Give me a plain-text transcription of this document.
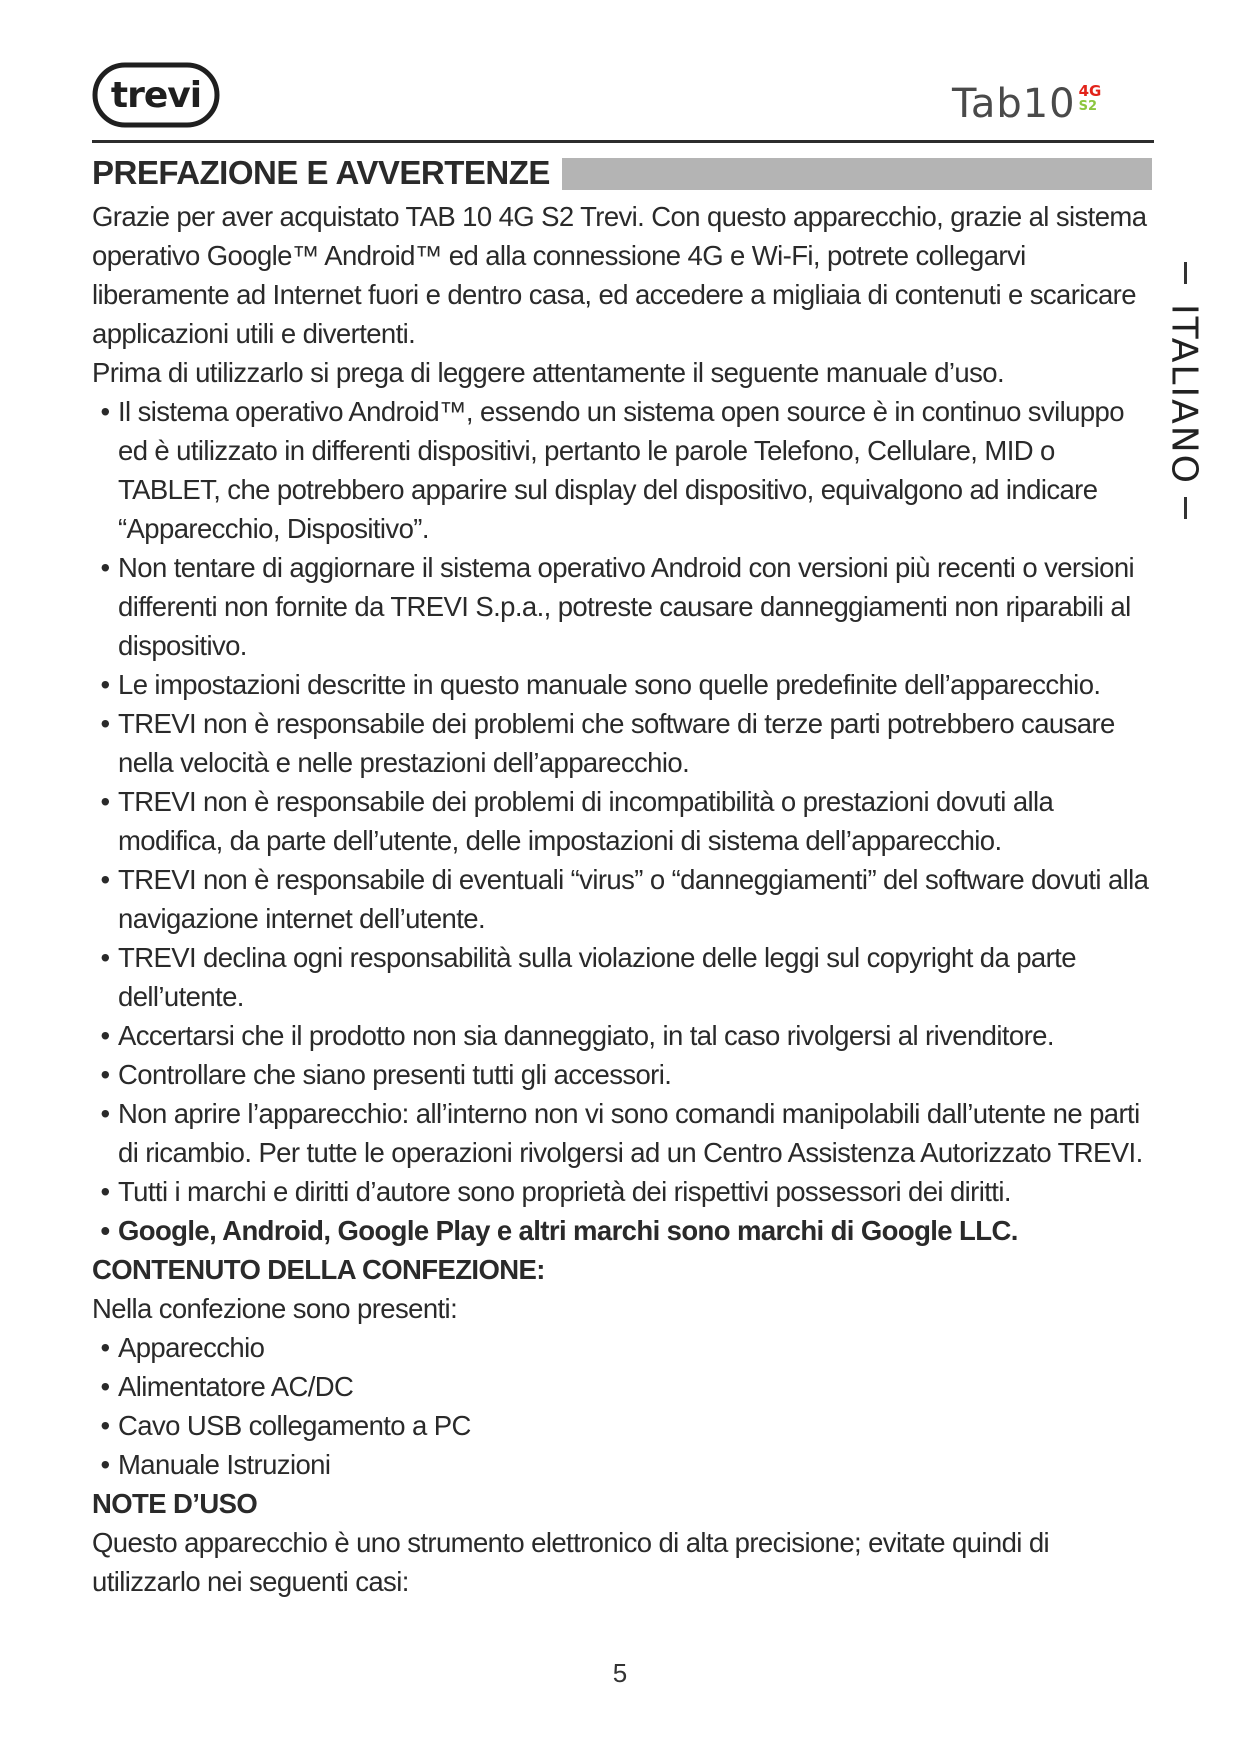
trevi	Tab10 4G
S2
PREFAZIONE E AVVERTENZE
ITALIANO

Grazie per aver acquistato TAB 10 4G S2 Trevi. Con questo apparecchio, grazie al sistema operativo Google™ Android™ ed alla connessione 4G e Wi-Fi, potrete collegarvi liberamente ad Internet fuori e dentro casa, ed accedere a migliaia di contenuti e scaricare applicazioni utili e divertenti.

Prima di utilizzarlo si prega di leggere attentamente il seguente manuale d’uso.

• Il sistema operativo Android™, essendo un sistema open source è in continuo sviluppo ed è utilizzato in differenti dispositivi, pertanto le parole Telefono, Cellulare, MID o TABLET, che potrebbero apparire sul display del dispositivo, equivalgono ad indicare “Apparecchio, Dispositivo”.
• Non tentare di aggiornare il sistema operativo Android con versioni più recenti o versioni differenti non fornite da TREVI S.p.a., potreste causare danneggiamenti non riparabili al dispositivo.
• Le impostazioni descritte in questo manuale sono quelle predefinite dell’apparecchio.
• TREVI non è responsabile dei problemi che software di terze parti potrebbero causare nella velocità e nelle prestazioni dell’apparecchio.
• TREVI non è responsabile dei problemi di incompatibilità o prestazioni dovuti alla modifica, da parte dell’utente, delle impostazioni di sistema dell’apparecchio.
• TREVI non è responsabile di eventuali “virus” o “danneggiamenti” del software dovuti alla navigazione internet dell’utente.
• TREVI declina ogni responsabilità sulla violazione delle leggi sul copyright da parte dell’utente.
• Accertarsi che il prodotto non sia danneggiato, in tal caso rivolgersi al rivenditore.
• Controllare che siano presenti tutti gli accessori.
• Non aprire l’apparecchio: all’interno non vi sono comandi manipolabili dall’utente ne parti di ricambio. Per tutte le operazioni rivolgersi ad un Centro Assistenza Autorizzato TREVI.
• Tutti i marchi e diritti d’autore sono proprietà dei rispettivi possessori dei diritti.
• Google, Android, Google Play e altri marchi sono marchi di Google LLC.

CONTENUTO DELLA CONFEZIONE:

Nella confezione sono presenti:

• Apparecchio
• Alimentatore AC/DC
• Cavo USB collegamento a PC
• Manuale Istruzioni

NOTE D’USO

Questo apparecchio è uno strumento elettronico di alta precisione; evitate quindi di utilizzarlo nei seguenti casi:

5
